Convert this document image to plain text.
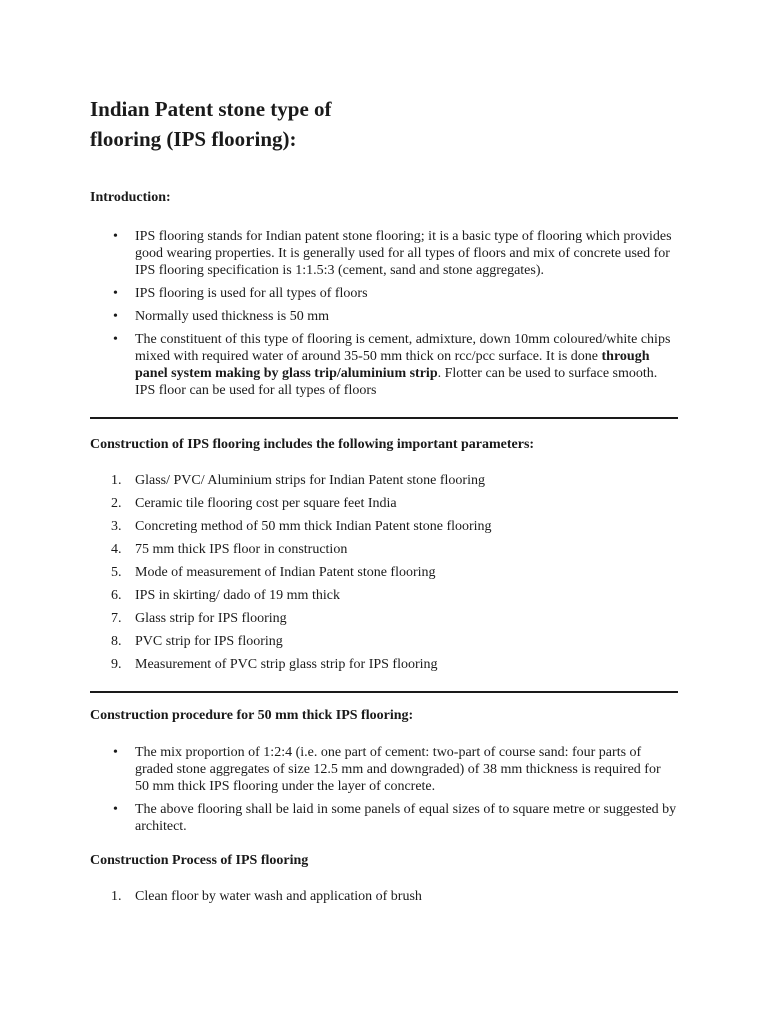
Indian Patent stone type of
flooring (IPS flooring):

Introduction:

• IPS flooring stands for Indian patent stone flooring; it is a basic type of flooring which provides good wearing properties. It is generally used for all types of floors and mix of concrete used for IPS flooring specification is 1:1.5:3 (cement, sand and stone aggregates).
• IPS flooring is used for all types of floors
• Normally used thickness is 50 mm
• The constituent of this type of flooring is cement, admixture, down 10mm coloured/white chips mixed with required water of around 35-50 mm thick on rcc/pcc surface. It is done through panel system making by glass trip/aluminium strip. Flotter can be used to surface smooth. IPS floor can be used for all types of floors

Construction of IPS flooring includes the following important parameters:

1. Glass/ PVC/ Aluminium strips for Indian Patent stone flooring
2. Ceramic tile flooring cost per square feet India
3. Concreting method of 50 mm thick Indian Patent stone flooring
4. 75 mm thick IPS floor in construction
5. Mode of measurement of Indian Patent stone flooring
6. IPS in skirting/ dado of 19 mm thick
7. Glass strip for IPS flooring
8. PVC strip for IPS flooring
9. Measurement of PVC strip glass strip for IPS flooring

Construction procedure for 50 mm thick IPS flooring:

• The mix proportion of 1:2:4 (i.e. one part of cement: two-part of course sand: four parts of graded stone aggregates of size 12.5 mm and downgraded) of 38 mm thickness is required for 50 mm thick IPS flooring under the layer of concrete.
• The above flooring shall be laid in some panels of equal sizes of to square metre or suggested by architect.

Construction Process of IPS flooring

1. Clean floor by water wash and application of brush
